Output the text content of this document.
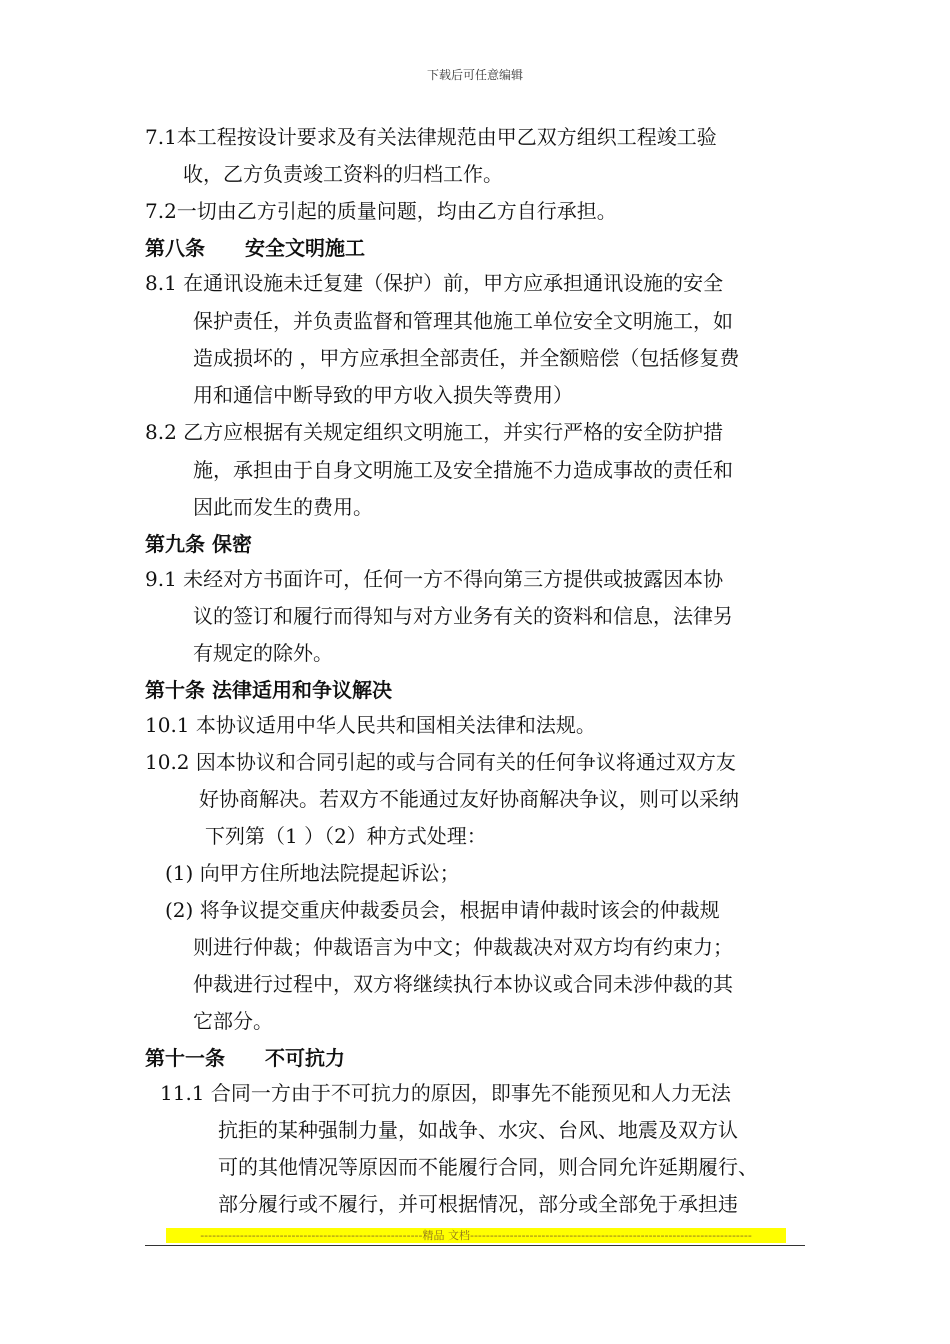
下载后可任意编辑
7.1本工程按设计要求及有关法律规范由甲乙双方组织工程竣工验
收，乙方负责竣工资料的归档工作。
7.2一切由乙方引起的质量问题，均由乙方自行承担。
第八条　　安全文明施工
8.1 在通讯设施未迁复建（保护）前，甲方应承担通讯设施的安全
保护责任，并负责监督和管理其他施工单位安全文明施工，如
造成损坏的 ，甲方应承担全部责任，并全额赔偿（包括修复费
用和通信中断导致的甲方收入损失等费用）
8.2 乙方应根据有关规定组织文明施工，并实行严格的安全防护措
施，承担由于自身文明施工及安全措施不力造成事故的责任和
因此而发生的费用。
第九条 保密
9.1 未经对方书面许可，任何一方不得向第三方提供或披露因本协
议的签订和履行而得知与对方业务有关的资料和信息，法律另
有规定的除外。
第十条 法律适用和争议解决
10.1 本协议适用中华人民共和国相关法律和法规。
10.2 因本协议和合同引起的或与合同有关的任何争议将通过双方友
好协商解决。若双方不能通过友好协商解决争议，则可以采纳
下列第（1 ）（2）种方式处理：
(1) 向甲方住所地法院提起诉讼；
(2) 将争议提交重庆仲裁委员会，根据申请仲裁时该会的仲裁规
则进行仲裁；仲裁语言为中文；仲裁裁决对双方均有约束力；
仲裁进行过程中，双方将继续执行本协议或合同未涉仲裁的其
它部分。
第十一条　　不可抗力
11.1 合同一方由于不可抗力的原因，即事先不能预见和人力无法
抗拒的某种强制力量，如战争、水灾、台风、地震及双方认
可的其他情况等原因而不能履行合同，则合同允许延期履行、
部分履行或不履行，并可根据情况，部分或全部免于承担违
--------------------------------------------------------精品 文档-----------------------------------------------------------------------
